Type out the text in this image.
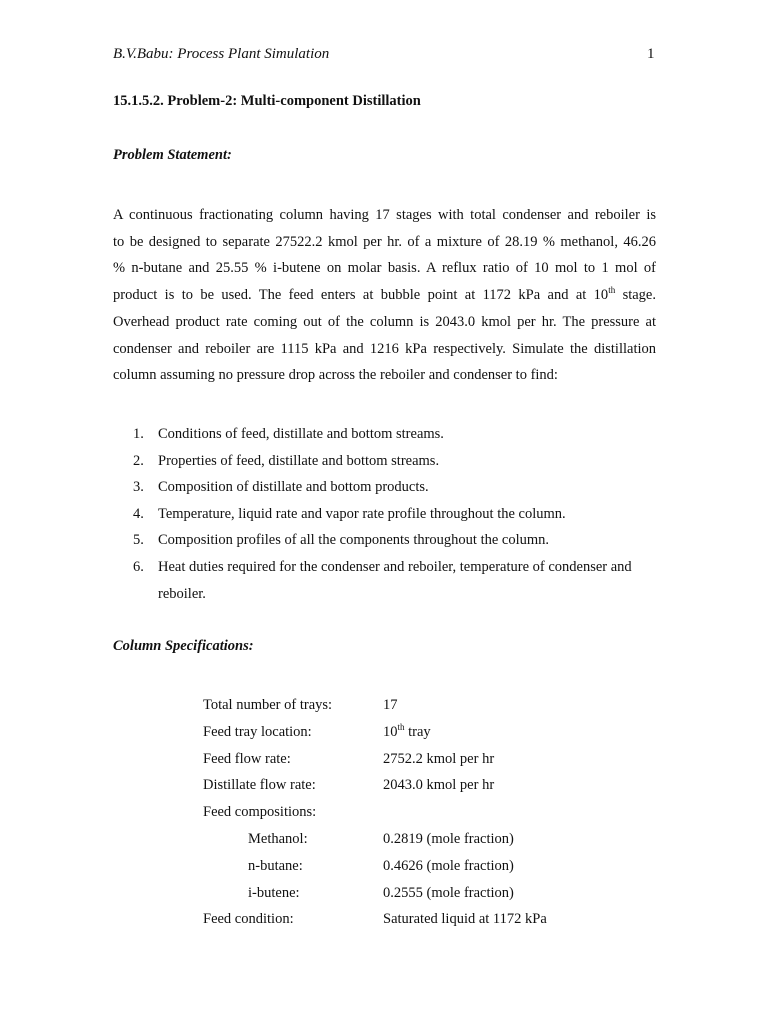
B.V.Babu: Process Plant Simulation	1
15.1.5.2. Problem-2: Multi-component Distillation
Problem Statement:
A continuous fractionating column having 17 stages with total condenser and reboiler is
to be designed to separate 27522.2 kmol per hr. of a mixture of 28.19 % methanol, 46.26
% n-butane and 25.55 % i-butene on molar basis. A reflux ratio of 10 mol to 1 mol of
product is to be used. The feed enters at bubble point at 1172 kPa and at 10th stage.
Overhead product rate coming out of the column is 2043.0 kmol per hr. The pressure at
condenser and reboiler are 1115 kPa and 1216 kPa respectively. Simulate the distillation
column assuming no pressure drop across the reboiler and condenser to find:
1. Conditions of feed, distillate and bottom streams.
2. Properties of feed, distillate and bottom streams.
3. Composition of distillate and bottom products.
4. Temperature, liquid rate and vapor rate profile throughout the column.
5. Composition profiles of all the components throughout the column.
6. Heat duties required for the condenser and reboiler, temperature of condenser and reboiler.
Column Specifications:
Total number of trays:	17
Feed tray location:	10th tray
Feed flow rate:	2752.2 kmol per hr
Distillate flow rate:	2043.0 kmol per hr
Feed compositions:
Methanol:	0.2819 (mole fraction)
n-butane:	0.4626 (mole fraction)
i-butene:	0.2555 (mole fraction)
Feed condition:	Saturated liquid at 1172 kPa
